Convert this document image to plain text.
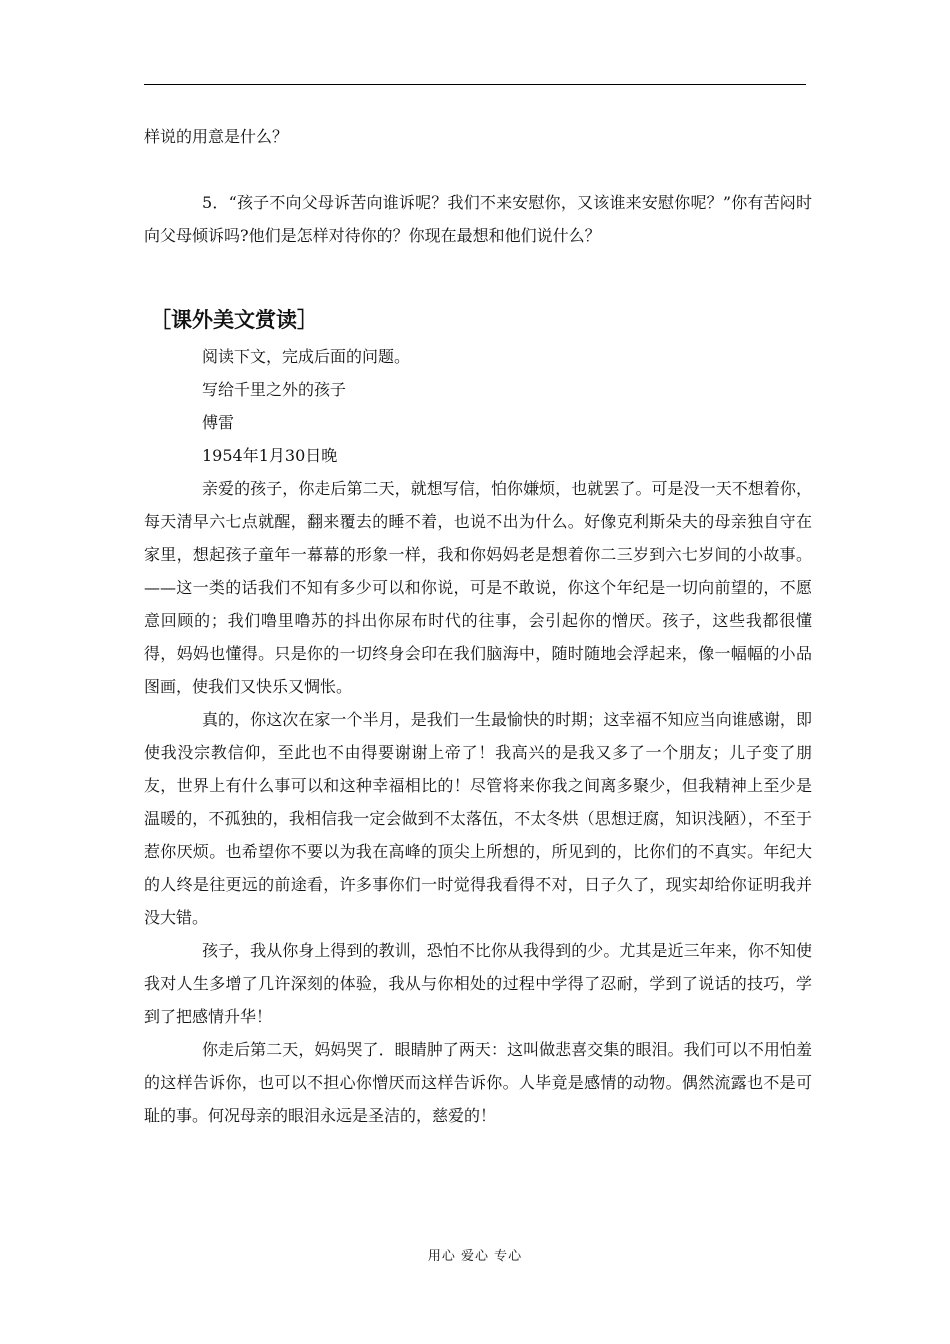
样说的用意是什么？

5．“孩子不向父母诉苦向谁诉呢？我们不来安慰你，又该谁来安慰你呢？”你有苦闷时向父母倾诉吗?他们是怎样对待你的？你现在最想和他们说什么？

［课外美文赏读］

阅读下文，完成后面的问题。

写给千里之外的孩子

傅雷

1954年1月30日晚

亲爱的孩子，你走后第二天，就想写信，怕你嫌烦，也就罢了。可是没一天不想着你，每天清早六七点就醒，翻来覆去的睡不着，也说不出为什么。好像克利斯朵夫的母亲独自守在家里，想起孩子童年一幕幕的形象一样，我和你妈妈老是想着你二三岁到六七岁间的小故事。——这一类的话我们不知有多少可以和你说，可是不敢说，你这个年纪是一切向前望的，不愿意回顾的；我们噜里噜苏的抖出你尿布时代的往事，会引起你的憎厌。孩子，这些我都很懂得，妈妈也懂得。只是你的一切终身会印在我们脑海中，随时随地会浮起来，像一幅幅的小品图画，使我们又快乐又惆怅。

真的，你这次在家一个半月，是我们一生最愉快的时期；这幸福不知应当向谁感谢，即使我没宗教信仰，至此也不由得要谢谢上帝了！我高兴的是我又多了一个朋友；儿子变了朋友，世界上有什么事可以和这种幸福相比的！尽管将来你我之间离多聚少，但我精神上至少是温暖的，不孤独的，我相信我一定会做到不太落伍，不太冬烘（思想迂腐，知识浅陋），不至于惹你厌烦。也希望你不要以为我在高峰的顶尖上所想的，所见到的，比你们的不真实。年纪大的人终是往更远的前途看，许多事你们一时觉得我看得不对，日子久了，现实却给你证明我并没大错。

孩子，我从你身上得到的教训，恐怕不比你从我得到的少。尤其是近三年来，你不知使我对人生多增了几许深刻的体验，我从与你相处的过程中学得了忍耐，学到了说话的技巧，学到了把感情升华！

你走后第二天，妈妈哭了．眼睛肿了两天：这叫做悲喜交集的眼泪。我们可以不用怕羞的这样告诉你，也可以不担心你憎厌而这样告诉你。人毕竟是感情的动物。偶然流露也不是可耻的事。何况母亲的眼泪永远是圣洁的，慈爱的！

用心 爱心 专心
